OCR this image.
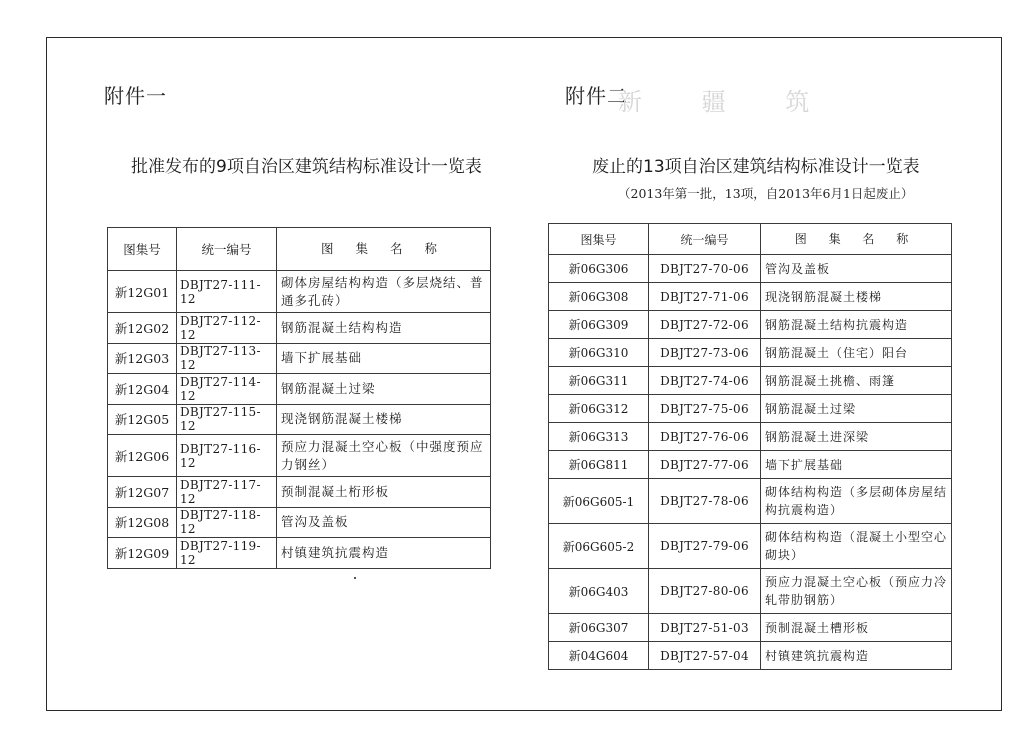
附件一
批准发布的9项自治区建筑结构标准设计一览表
图集号	统一编号	图 集 名 称
新12G01	DBJT27-111-12	砌体房屋结构构造（多层烧结、普通多孔砖）
新12G02	DBJT27-112-12	钢筋混凝土结构构造
新12G03	DBJT27-113-12	墙下扩展基础
新12G04	DBJT27-114-12	钢筋混凝土过梁
新12G05	DBJT27-115-12	现浇钢筋混凝土楼梯
新12G06	DBJT27-116-12	预应力混凝土空心板（中强度预应力钢丝）
新12G07	DBJT27-117-12	预制混凝土桁形板
新12G08	DBJT27-118-12	管沟及盖板
新12G09	DBJT27-119-12	村镇建筑抗震构造
附件二
新 疆 筑
废止的13项自治区建筑结构标准设计一览表
（2013年第一批，13项，自2013年6月1日起废止）
图集号	统一编号	图 集 名 称
新06G306	DBJT27-70-06	管沟及盖板
新06G308	DBJT27-71-06	现浇钢筋混凝土楼梯
新06G309	DBJT27-72-06	钢筋混凝土结构抗震构造
新06G310	DBJT27-73-06	钢筋混凝土（住宅）阳台
新06G311	DBJT27-74-06	钢筋混凝土挑檐、雨篷
新06G312	DBJT27-75-06	钢筋混凝土过梁
新06G313	DBJT27-76-06	钢筋混凝土进深梁
新06G811	DBJT27-77-06	墙下扩展基础
新06G605-1	DBJT27-78-06	砌体结构构造（多层砌体房屋结构抗震构造）
新06G605-2	DBJT27-79-06	砌体结构构造（混凝土小型空心砌块）
新06G403	DBJT27-80-06	预应力混凝土空心板（预应力冷轧带肋钢筋）
新06G307	DBJT27-51-03	预制混凝土槽形板
新04G604	DBJT27-57-04	村镇建筑抗震构造
